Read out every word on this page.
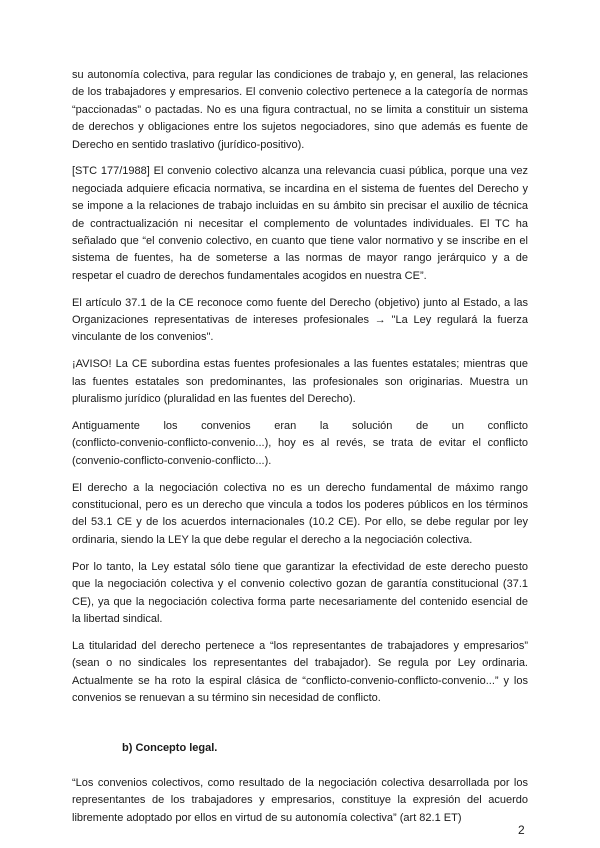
su autonomía colectiva, para regular las condiciones de trabajo y, en general, las relaciones
de los trabajadores y empresarios. El convenio colectivo pertenece a la categoría de normas
“paccionadas” o pactadas. No es una figura contractual, no se limita a constituir un sistema
de derechos y obligaciones entre los sujetos negociadores, sino que además es fuente de
Derecho en sentido traslativo (jurídico-positivo).
[STC 177/1988] El convenio colectivo alcanza una relevancia cuasi pública, porque una vez
negociada adquiere eficacia normativa, se incardina en el sistema de fuentes del Derecho y
se impone a la relaciones de trabajo incluidas en su ámbito sin precisar el auxilio de técnica
de contractualización ni necesitar el complemento de voluntades individuales. El TC ha
señalado que “el convenio colectivo, en cuanto que tiene valor normativo y se inscribe en el
sistema de fuentes, ha de someterse a las normas de mayor rango jerárquico y a de
respetar el cuadro de derechos fundamentales acogidos en nuestra CE”.
El artículo 37.1 de la CE reconoce como fuente del Derecho (objetivo) junto al Estado, a las
Organizaciones representativas de intereses profesionales → "La Ley regulará la fuerza
vinculante de los convenios".
¡AVISO! La CE subordina estas fuentes profesionales a las fuentes estatales; mientras que
las fuentes estatales son predominantes, las profesionales son originarias. Muestra un
pluralismo jurídico (pluralidad en las fuentes del Derecho).
Antiguamente los convenios eran la solución de un conflicto
(conflicto-convenio-conflicto-convenio...), hoy es al revés, se trata de evitar el conflicto
(convenio-conflicto-convenio-conflicto...).
El derecho a la negociación colectiva no es un derecho fundamental de máximo rango
constitucional, pero es un derecho que vincula a todos los poderes públicos en los términos
del 53.1 CE y de los acuerdos internacionales (10.2 CE). Por ello, se debe regular por ley
ordinaria, siendo la LEY la que debe regular el derecho a la negociación colectiva.
Por lo tanto, la Ley estatal sólo tiene que garantizar la efectividad de este derecho puesto
que la negociación colectiva y el convenio colectivo gozan de garantía constitucional (37.1
CE), ya que la negociación colectiva forma parte necesariamente del contenido esencial de
la libertad sindical.
La titularidad del derecho pertenece a “los representantes de trabajadores y empresarios”
(sean o no sindicales los representantes del trabajador). Se regula por Ley ordinaria.
Actualmente se ha roto la espiral clásica de “conflicto-convenio-conflicto-convenio...” y los
convenios se renuevan a su término sin necesidad de conflicto.
b) Concepto legal.
“Los convenios colectivos, como resultado de la negociación colectiva desarrollada por los
representantes de los trabajadores y empresarios, constituye la expresión del acuerdo
libremente adoptado por ellos en virtud de su autonomía colectiva” (art 82.1 ET)
2
